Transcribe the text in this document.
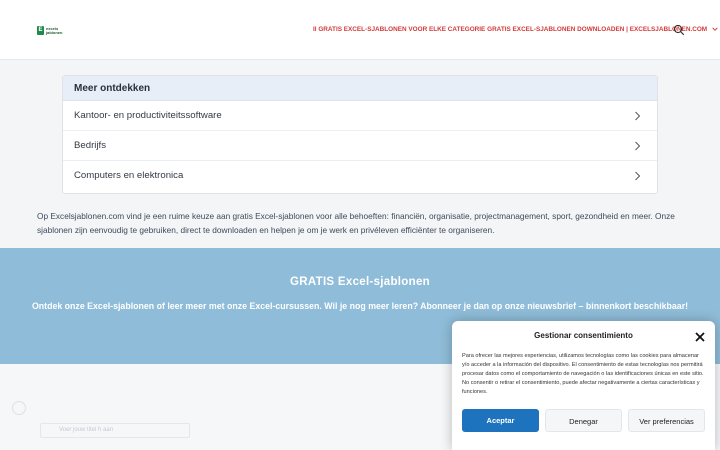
E excels
jablonen	II GRATIS EXCEL-SJABLONEN VOOR ELKE CATEGORIE GRATIS EXCEL-SJABLONEN DOWNLOADEN | EXCELSJABLONEN.COM
Meer ontdekken
Kantoor- en productiviteitssoftware
Bedrijfs
Computers en elektronica

Op Excelsjablonen.com vind je een ruime keuze aan gratis Excel-sjablonen voor alle behoeften: financiën, organisatie, projectmanagement, sport, gezondheid en meer. Onze sjablonen zijn eenvoudig te gebruiken, direct te downloaden en helpen je om je werk en privéleven efficiënter te organiseren.

GRATIS Excel-sjablonen
Ontdek onze Excel-sjablonen of leer meer met onze Excel-cursussen. Wil je nog meer leren? Abonneer je dan op onze nieuwsbrief – binnenkort beschikbaar!
Voer jouw titel h aan
Gestionar consentimiento

Para ofrecer las mejores experiencias, utilizamos tecnologías como las cookies para almacenar y/o acceder a la información del dispositivo. El consentimiento de estas tecnologías nos permitirá procesar datos como el comportamiento de navegación o las identificaciones únicas en este sitio. No consentir o retirar el consentimiento, puede afectar negativamente a ciertas características y funciones.

Aceptar	Denegar	Ver preferencias
